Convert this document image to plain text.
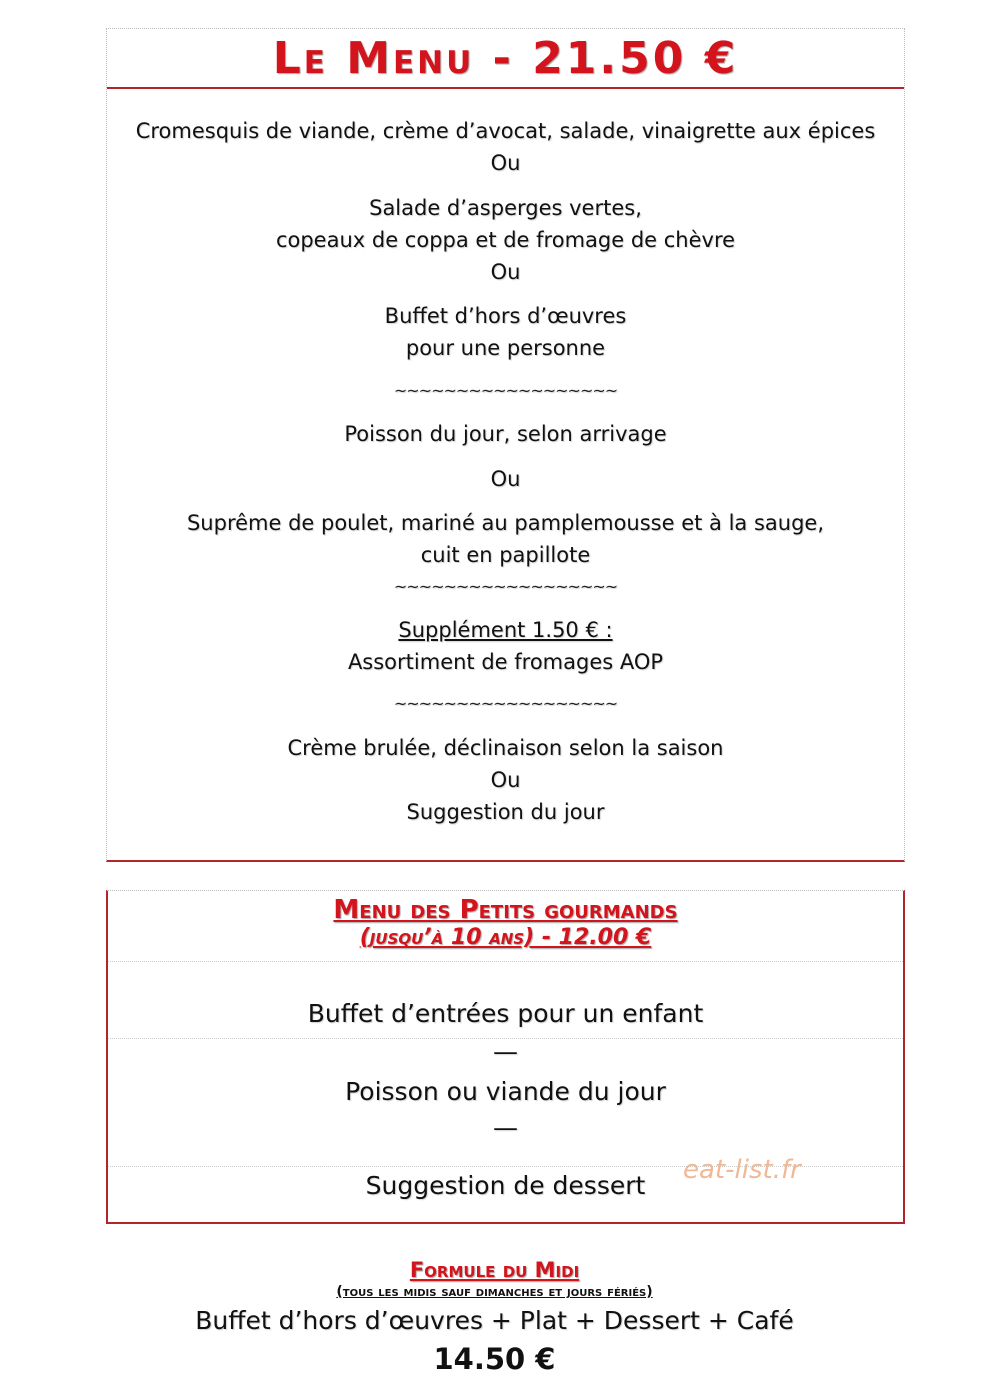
Le Menu - 21.50 €
Cromesquis de viande, crème d’avocat, salade, vinaigrette aux épices
Ou
Salade d’asperges vertes,
copeaux de coppa et de fromage de chèvre
Ou
Buffet d’hors d’œuvres
pour une personne
~~~~~~~~~~~~~~~~~~
Poisson du jour, selon arrivage
Ou
Suprême de poulet, mariné au pamplemousse et à la sauge,
cuit en papillote
~~~~~~~~~~~~~~~~~~
Supplément 1.50 € :
Assortiment de fromages AOP
~~~~~~~~~~~~~~~~~~
Crème brulée, déclinaison selon la saison
Ou
Suggestion du jour
Menu des Petits gourmands
(jusqu’à 10 ans) - 12.00 €
Buffet d’entrées pour un enfant
—
Poisson ou viande du jour
—
Suggestion de dessert
eat-list.fr
Formule du Midi
(tous les midis sauf dimanches et jours fériés)
Buffet d’hors d’œuvres + Plat + Dessert + Café
14.50 €
